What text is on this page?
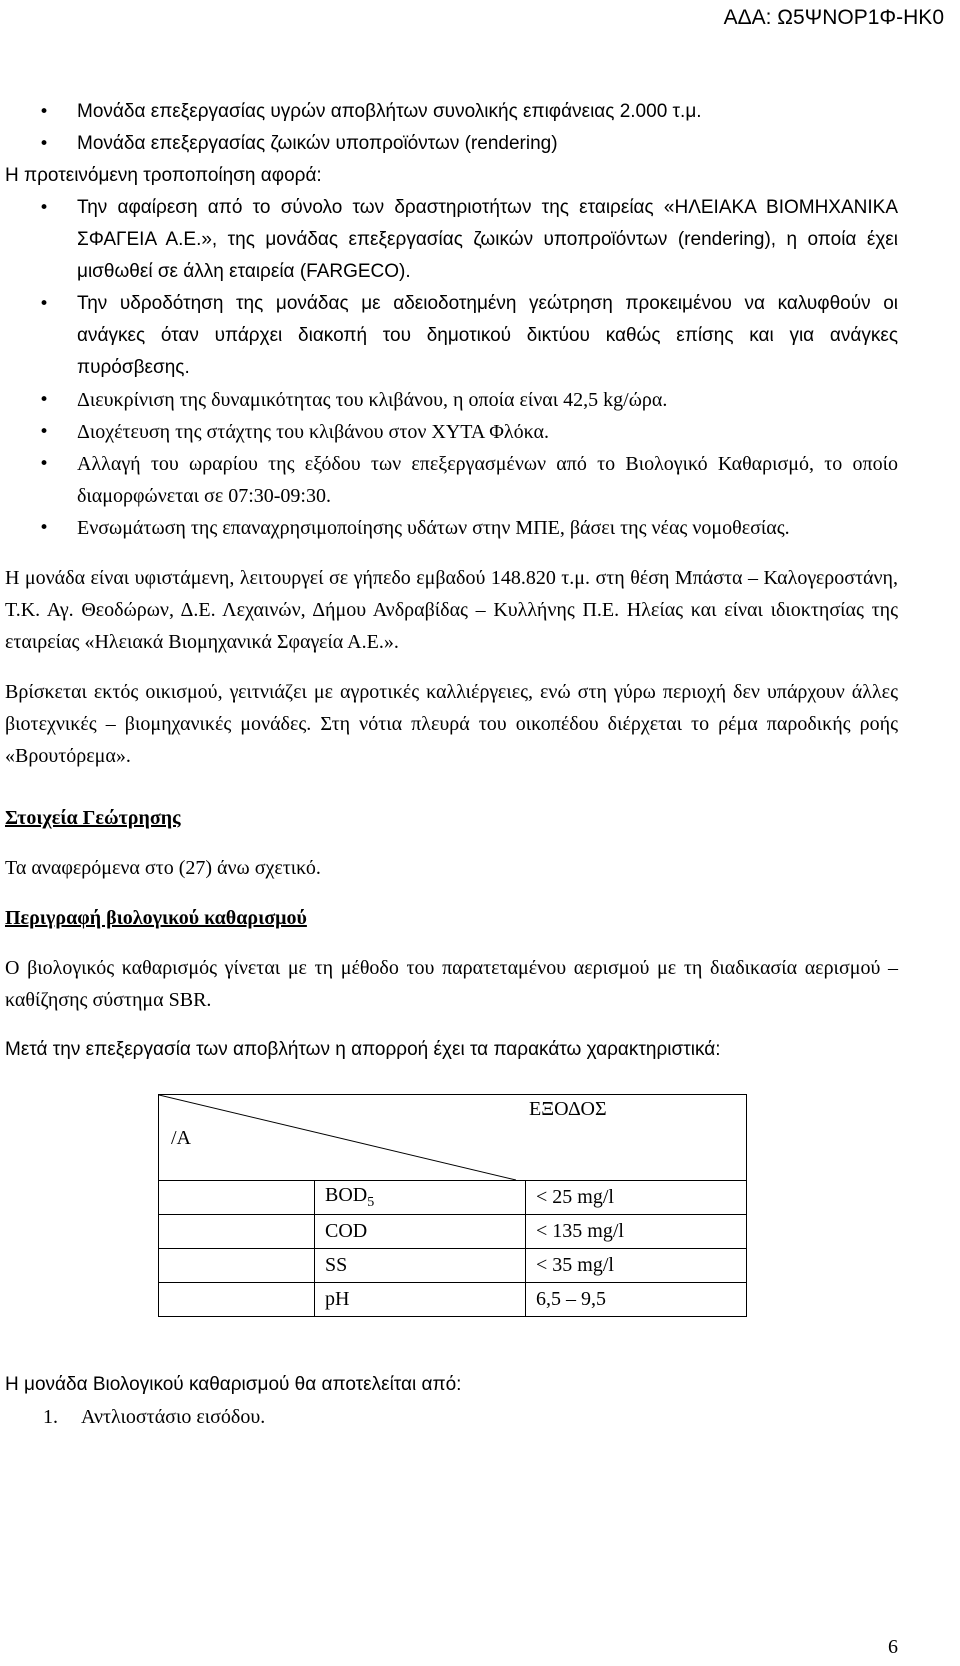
ΑΔΑ: Ω5ΨΝΟΡ1Φ-ΗΚ0
• Μονάδα επεξεργασίας υγρών αποβλήτων συνολικής επιφάνειας 2.000 τ.μ.
• Μονάδα επεξεργασίας ζωικών υποπροϊόντων (rendering)
Η προτεινόμενη τροποποίηση αφορά:
• Την αφαίρεση από το σύνολο των δραστηριοτήτων της εταιρείας «ΗΛΕΙΑΚΑ ΒΙΟΜΗΧΑΝΙΚΑ ΣΦΑΓΕΙΑ Α.Ε.», της μονάδας επεξεργασίας ζωικών υποπροϊόντων (rendering), η οποία έχει μισθωθεί σε άλλη εταιρεία (FARGECO).
• Την υδροδότηση της μονάδας με αδειοδοτημένη γεώτρηση προκειμένου να καλυφθούν οι ανάγκες όταν υπάρχει διακοπή του δημοτικού δικτύου καθώς επίσης και για ανάγκες πυρόσβεσης.
• Διευκρίνιση της δυναμικότητας του κλιβάνου, η οποία είναι 42,5 kg/ώρα.
• Διοχέτευση της στάχτης του κλιβάνου στον ΧΥΤΑ Φλόκα.
• Αλλαγή του ωραρίου της εξόδου των επεξεργασμένων από το Βιολογικό Καθαρισμό, το οποίο διαμορφώνεται σε 07:30-09:30.
• Ενσωμάτωση της επαναχρησιμοποίησης υδάτων στην ΜΠΕ, βάσει της νέας νομοθεσίας.
Η μονάδα είναι υφιστάμενη, λειτουργεί σε γήπεδο εμβαδού 148.820 τ.μ. στη θέση Μπάστα – Καλογεροστάνη, Τ.Κ. Αγ. Θεοδώρων, Δ.Ε. Λεχαινών, Δήμου Ανδραβίδας – Κυλλήνης Π.Ε. Ηλείας και είναι ιδιοκτησίας της εταιρείας «Ηλειακά Βιομηχανικά Σφαγεία Α.Ε.».
Βρίσκεται εκτός οικισμού, γειτνιάζει με αγροτικές καλλιέργειες, ενώ στη γύρω περιοχή δεν υπάρχουν άλλες βιοτεχνικές – βιομηχανικές μονάδες. Στη νότια πλευρά του οικοπέδου διέρχεται το ρέμα παροδικής ροής «Βρουτόρεμα».
Στοιχεία Γεώτρησης
Τα αναφερόμενα στο (27) άνω σχετικό.
Περιγραφή βιολογικού καθαρισμού
Ο βιολογικός καθαρισμός γίνεται με τη μέθοδο του παρατεταμένου αερισμού με τη διαδικασία αερισμού – καθίζησης σύστημα SBR.
Μετά την επεξεργασία των αποβλήτων η απορροή έχει τα παρακάτω χαρακτηριστικά:
/Α
ΕΞΟΔΟΣ		

	$BOD_5$	< 25 mg/l
	COD	< 135 mg/l
	SS	< 35 mg/l
	pH	6,5 – 9,5
Η μονάδα Βιολογικού καθαρισμού θα αποτελείται από:
1. Αντλιοστάσιο εισόδου.
6
